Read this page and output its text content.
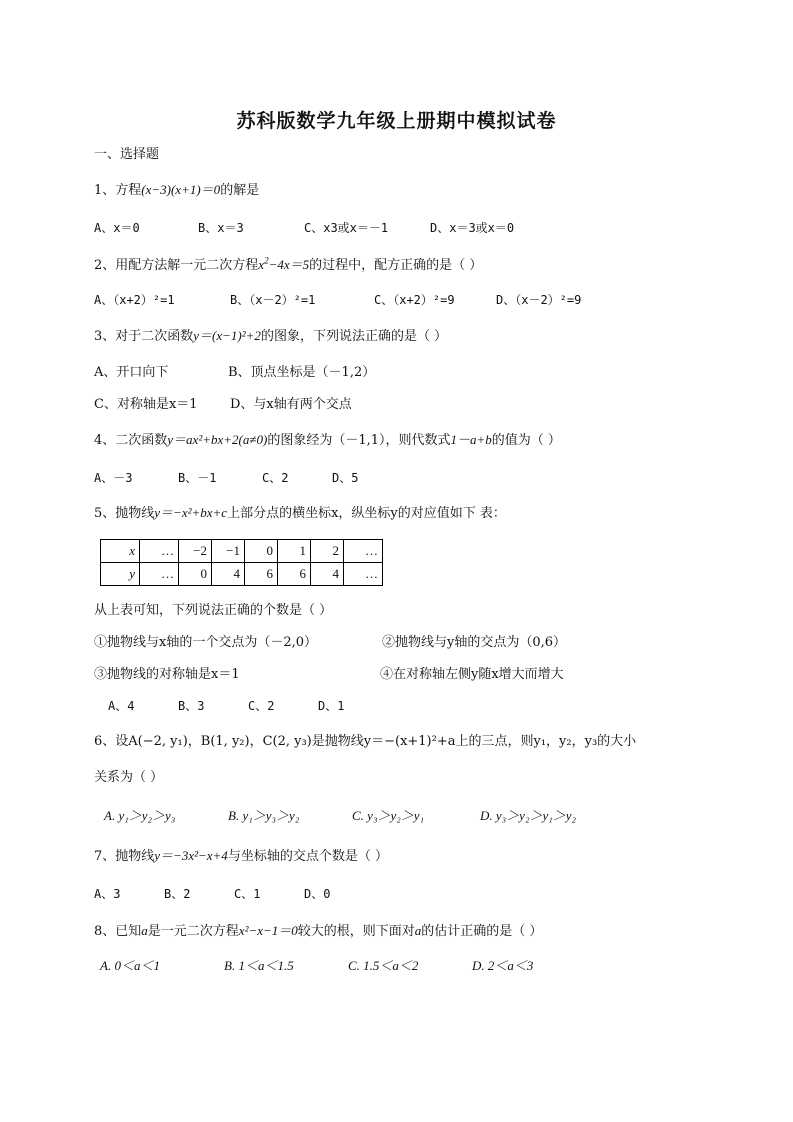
苏科版数学九年级上册期中模拟试卷
一、选择题
1、方程(x−3)(x+1)＝0的解是
A、x＝0	B、x＝3	C、x3或x＝－1	D、x＝3或x＝0
2、用配方法解一元二次方程$x^2-4x=5$的过程中，配方正确的是（ ）
A、（x+2）²=1	B、（x－2）²=1	C、（x+2）²=9	D、（x－2）²=9
3、对于二次函数y＝(x−1)²+2的图象，下列说法正确的是（ ）
A、开口向下	B、顶点坐标是（－1,2）
C、对称轴是x＝1 D、与x轴有两个交点
4、二次函数y＝ax²+bx+2(a≠0)的图象经为（－1,1），则代数式1－a+b的值为（ ）
A、－3	B、－1	C、2	D、5
5、抛物线y＝−x²+bx+c上部分点的横坐标x，纵坐标y的对应值如下 表：
x	…	−2	−1	0	1	2	…
y	…	0	4	6	6	4	…
从上表可知，下列说法正确的个数是（ ）
①抛物线与x轴的一个交点为（－2,0）	②抛物线与y轴的交点为（0,6）
③抛物线的对称轴是x＝1	④在对称轴左侧y随x增大而增大
A、4	B、3	C、2	D、1
6、设A(−2, y₁)，B(1, y₂)，C(2, y₃)是抛物线y＝−(x+1)²+a上的三点，则y₁，y₂，y₃的大小
关系为（ ）
A. y₁＞y₂＞y₃	B. y₁＞y₃＞y₂	C. y₃＞y₂＞y₁	D. y₃＞y₂＞y₁＞y₂
7、抛物线y＝−3x²−x+4与坐标轴的交点个数是（ ）
A、3	B、2	C、1	D、0
8、已知a是一元二次方程x²−x−1＝0较大的根，则下面对a的估计正确的是（ ）
A. 0＜a＜1	B. 1＜a＜1.5	C. 1.5＜a＜2	D. 2＜a＜3
